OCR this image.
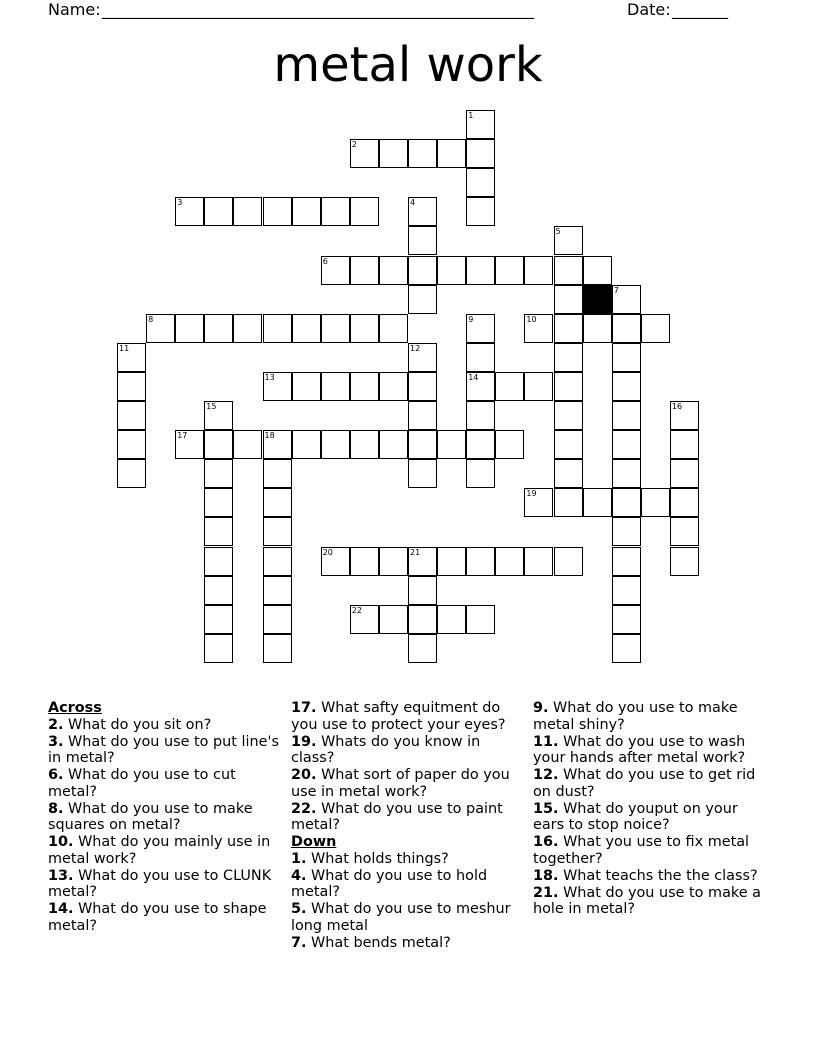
Name: ______________________________________________________	Date: _______
metal work
1
2
3	4
5
6
7
8	9
14
10
11	12
13
15	16
17	18
19
20	21
22
Across
2. What do you sit on?
3. What do you use to put line's in metal?
6. What do you use to cut metal?
8. What do you use to make squares on metal?
10. What do you mainly use in metal work?
13. What do you use to CLUNK metal?
14. What do you use to shape metal?
17. What safty equitment do you use to protect your eyes?
19. Whats do you know in class?
20. What sort of paper do you use in metal work?
22. What do you use to paint metal?
Down
1. What holds things?
4. What do you use to hold metal?
5. What do you use to meshur long metal
7. What bends metal?
9. What do you use to make metal shiny?
11. What do you use to wash your hands after metal work?
12. What do you use to get rid on dust?
15. What do youput on your ears to stop noice?
16. What you use to fix metal together?
18. What teachs the the class?
21. What do you use to make a hole in metal?
